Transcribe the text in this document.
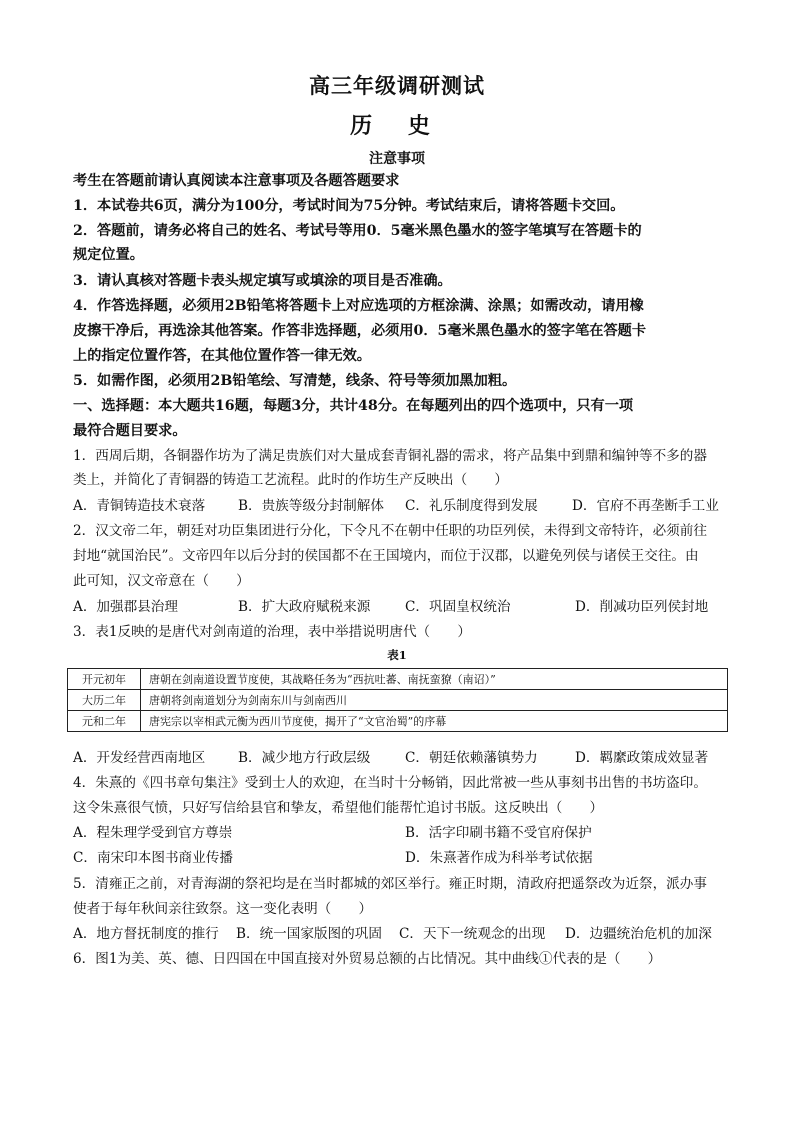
高三年级调研测试
历 史
注意事项
考生在答题前请认真阅读本注意事项及各题答题要求
1．本试卷共6页，满分为100分，考试时间为75分钟。考试结束后，请将答题卡交回。
2．答题前，请务必将自己的姓名、考试号等用0．5毫米黑色墨水的签字笔填写在答题卡的
规定位置。
3．请认真核对答题卡表头规定填写或填涂的项目是否准确。
4．作答选择题，必须用2B铅笔将答题卡上对应选项的方框涂满、涂黑；如需改动，请用橡
皮擦干净后，再选涂其他答案。作答非选择题，必须用0．5毫米黑色墨水的签字笔在答题卡
上的指定位置作答，在其他位置作答一律无效。
5．如需作图，必须用2B铅笔绘、写清楚，线条、符号等须加黑加粗。
一、选择题：本大题共16题，每题3分，共计48分。在每题列出的四个选项中，只有一项
最符合题目要求。
1．西周后期，各铜器作坊为了满足贵族们对大量成套青铜礼器的需求，将产品集中到鼎和编钟等不多的器
类上，并简化了青铜器的铸造工艺流程。此时的作坊生产反映出（　　）
A．青铜铸造技术衰落 B．贵族等级分封制解体 C．礼乐制度得到发展	D．官府不再垄断手工业
2．汉文帝二年，朝廷对功臣集团进行分化，下令凡不在朝中任职的功臣列侯，未得到文帝特许，必须前往
封地“就国治民”。文帝四年以后分封的侯国都不在王国境内，而位于汉郡，以避免列侯与诸侯王交往。由
此可知，汉文帝意在（　　）
A．加强郡县治理	B．扩大政府赋税来源	C．巩固皇权统治	D．削减功臣列侯封地
3．表1反映的是唐代对剑南道的治理，表中举措说明唐代（　　）
表1
开元初年	唐朝在剑南道设置节度使，其战略任务为“西抗吐蕃、南抚蛮獠（南诏）”
大历二年	唐朝将剑南道划分为剑南东川与剑南西川
元和二年	唐宪宗以宰相武元衡为西川节度使，揭开了“文官治蜀”的序幕
A．开发经营西南地区 B．减少地方行政层级	C．朝廷依赖藩镇势力	D．羁縻政策成效显著
4．朱熹的《四书章句集注》受到士人的欢迎，在当时十分畅销，因此常被一些从事刻书出售的书坊盗印。
这令朱熹很气愤，只好写信给县官和挚友，希望他们能帮忙追讨书版。这反映出（　　）
A．程朱理学受到官方尊崇	B．活字印刷书籍不受官府保护
C．南宋印本图书商业传播	D．朱熹著作成为科举考试依据
5．清雍正之前，对青海湖的祭祀均是在当时都城的郊区举行。雍正时期，清政府把遥祭改为近祭，派办事
使者于每年秋间亲往致祭。这一变化表明（　　）
A．地方督抚制度的推行 B．统一国家版图的巩固 C．天下一统观念的出现 D．边疆统治危机的加深
6．图1为美、英、德、日四国在中国直接对外贸易总额的占比情况。其中曲线①代表的是（　　）
